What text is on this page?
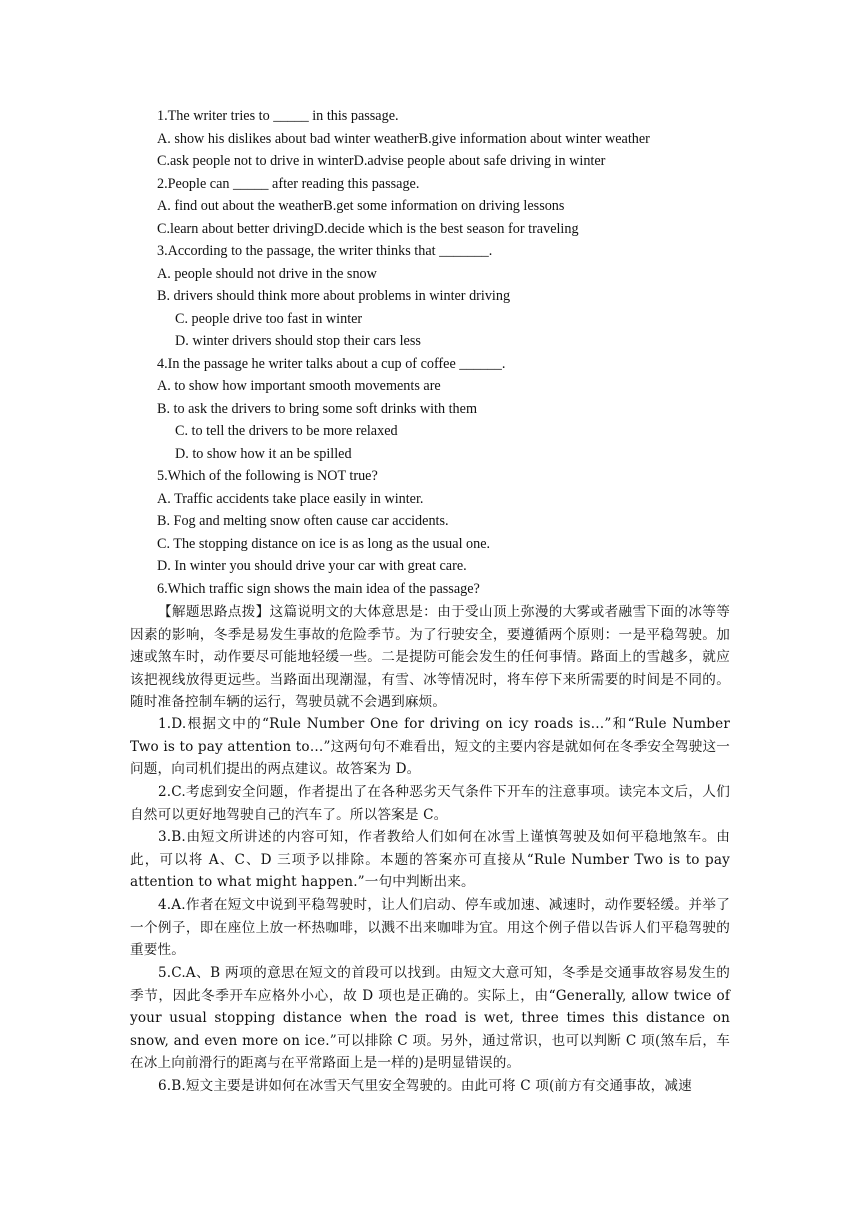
1.The writer tries to _____ in this passage.
A. show his dislikes about bad winter weatherB.give information about winter weather
C.ask people not to drive in winterD.advise people about safe driving in winter
2.People can _____ after reading this passage.
A. find out about the weatherB.get some information on driving lessons
C.learn about better drivingD.decide which is the best season for traveling
3.According to the passage, the writer thinks that _______.
A. people should not drive in the snow
B. drivers should think more about problems in winter driving
C. people drive too fast in winter
D. winter drivers should stop their cars less
4.In the passage he writer talks about a cup of coffee ______.
A. to show how important smooth movements are
B. to ask the drivers to bring some soft drinks with them
C. to tell the drivers to be more relaxed
D. to show how it an be spilled
5.Which of the following is NOT true?
A. Traffic accidents take place easily in winter.
B. Fog and melting snow often cause car accidents.
C. The stopping distance on ice is as long as the usual one.
D. In winter you should drive your car with great care.
6.Which traffic sign shows the main idea of the passage?
【解题思路点拨】这篇说明文的大体意思是：由于受山顶上弥漫的大雾或者融雪下面的冰等等因素的影响，冬季是易发生事故的危险季节。为了行驶安全，要遵循两个原则：一是平稳驾驶。加速或煞车时，动作要尽可能地轻缓一些。二是提防可能会发生的任何事情。路面上的雪越多，就应该把视线放得更远些。当路面出现潮湿，有雪、冰等情况时，将车停下来所需要的时间是不同的。随时准备控制车辆的运行，驾驶员就不会遇到麻烦。
1.D.根据文中的“Rule Number One for driving on icy roads is…”和“Rule Number Two is to pay attention to…”这两句句不难看出，短文的主要内容是就如何在冬季安全驾驶这一问题，向司机们提出的两点建议。故答案为 D。
2.C.考虑到安全问题，作者提出了在各种恶劣天气条件下开车的注意事项。读完本文后，人们自然可以更好地驾驶自己的汽车了。所以答案是 C。
3.B.由短文所讲述的内容可知，作者教给人们如何在冰雪上谨慎驾驶及如何平稳地煞车。由此，可以将 A、C、D 三项予以排除。本题的答案亦可直接从“Rule Number Two is to pay attention to what might happen.”一句中判断出来。
4.A.作者在短文中说到平稳驾驶时，让人们启动、停车或加速、减速时，动作要轻缓。并举了一个例子，即在座位上放一杯热咖啡，以溅不出来咖啡为宜。用这个例子借以告诉人们平稳驾驶的重要性。
5.C.A、B 两项的意思在短文的首段可以找到。由短文大意可知，冬季是交通事故容易发生的季节，因此冬季开车应格外小心，故 D 项也是正确的。实际上，由“Generally, allow twice of your usual stopping distance when the road is wet, three times this distance on snow, and even more on ice.”可以排除 C 项。另外，通过常识，也可以判断 C 项(煞车后，车在冰上向前滑行的距离与在平常路面上是一样的)是明显错误的。
6.B.短文主要是讲如何在冰雪天气里安全驾驶的。由此可将 C 项(前方有交通事故，减速
